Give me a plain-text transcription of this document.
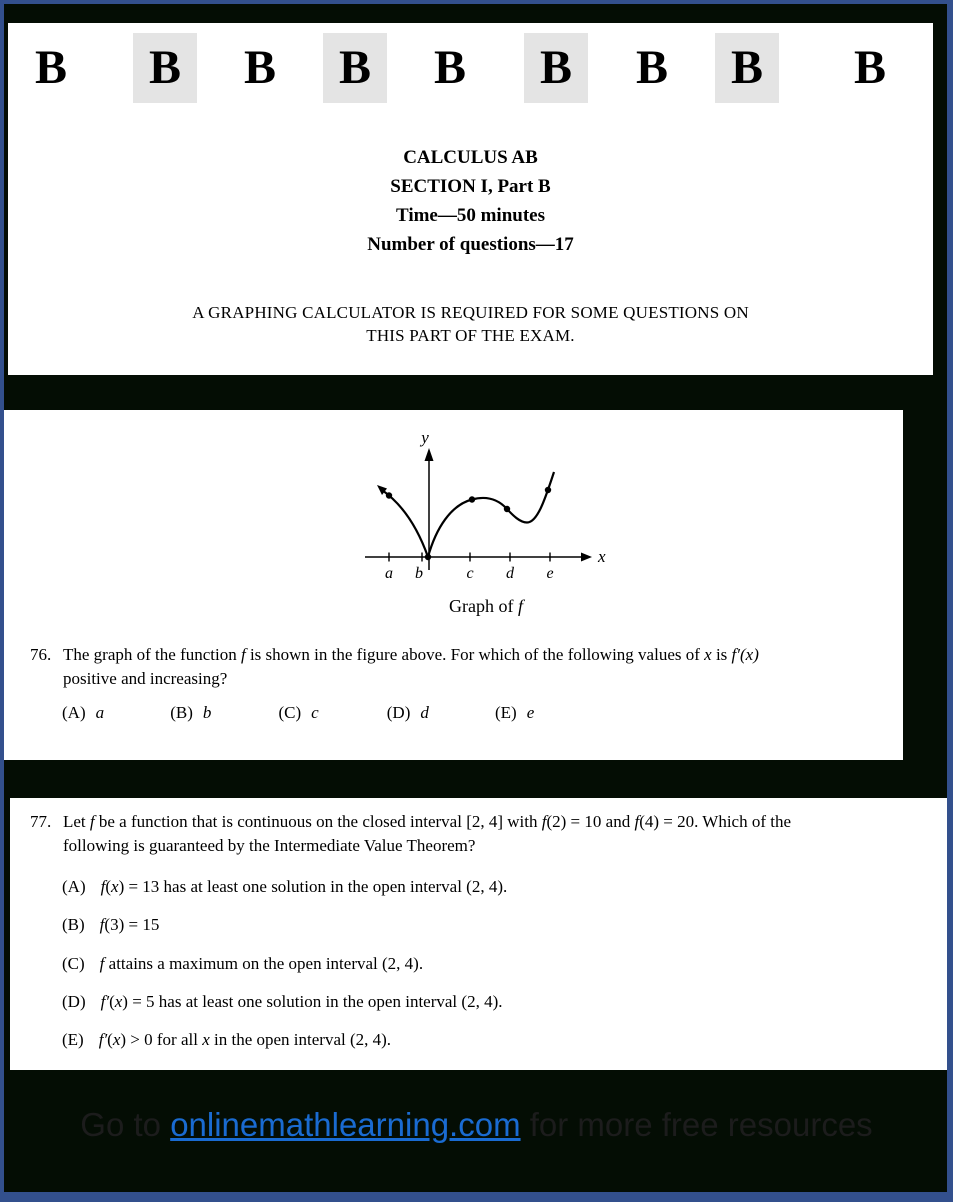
B	B	B	B	B	B	B	B	B
CALCULUS AB
SECTION I, Part B
Time—50 minutes
Number of questions—17
A GRAPHING CALCULATOR IS REQUIRED FOR SOME QUESTIONS ON
THIS PART OF THE EXAM.
x
y
a b	c d e
Graph of f
76. The graph of the function f is shown in the figure above. For which of the following values of x is f′(x)
positive and increasing?
(A) a	(B) b	(C) c	(D) d	(E) e
77. Let f be a function that is continuous on the closed interval [2, 4] with f(2) = 10 and f(4) = 20. Which of the
following is guaranteed by the Intermediate Value Theorem?
(A) f(x) = 13 has at least one solution in the open interval (2, 4).
(B) f(3) = 15
(C) f attains a maximum on the open interval (2, 4).
(D) f′(x) = 5 has at least one solution in the open interval (2, 4).
(E) f′(x) > 0 for all x in the open interval (2, 4).
Go to onlinemathlearning.com for more free resources
